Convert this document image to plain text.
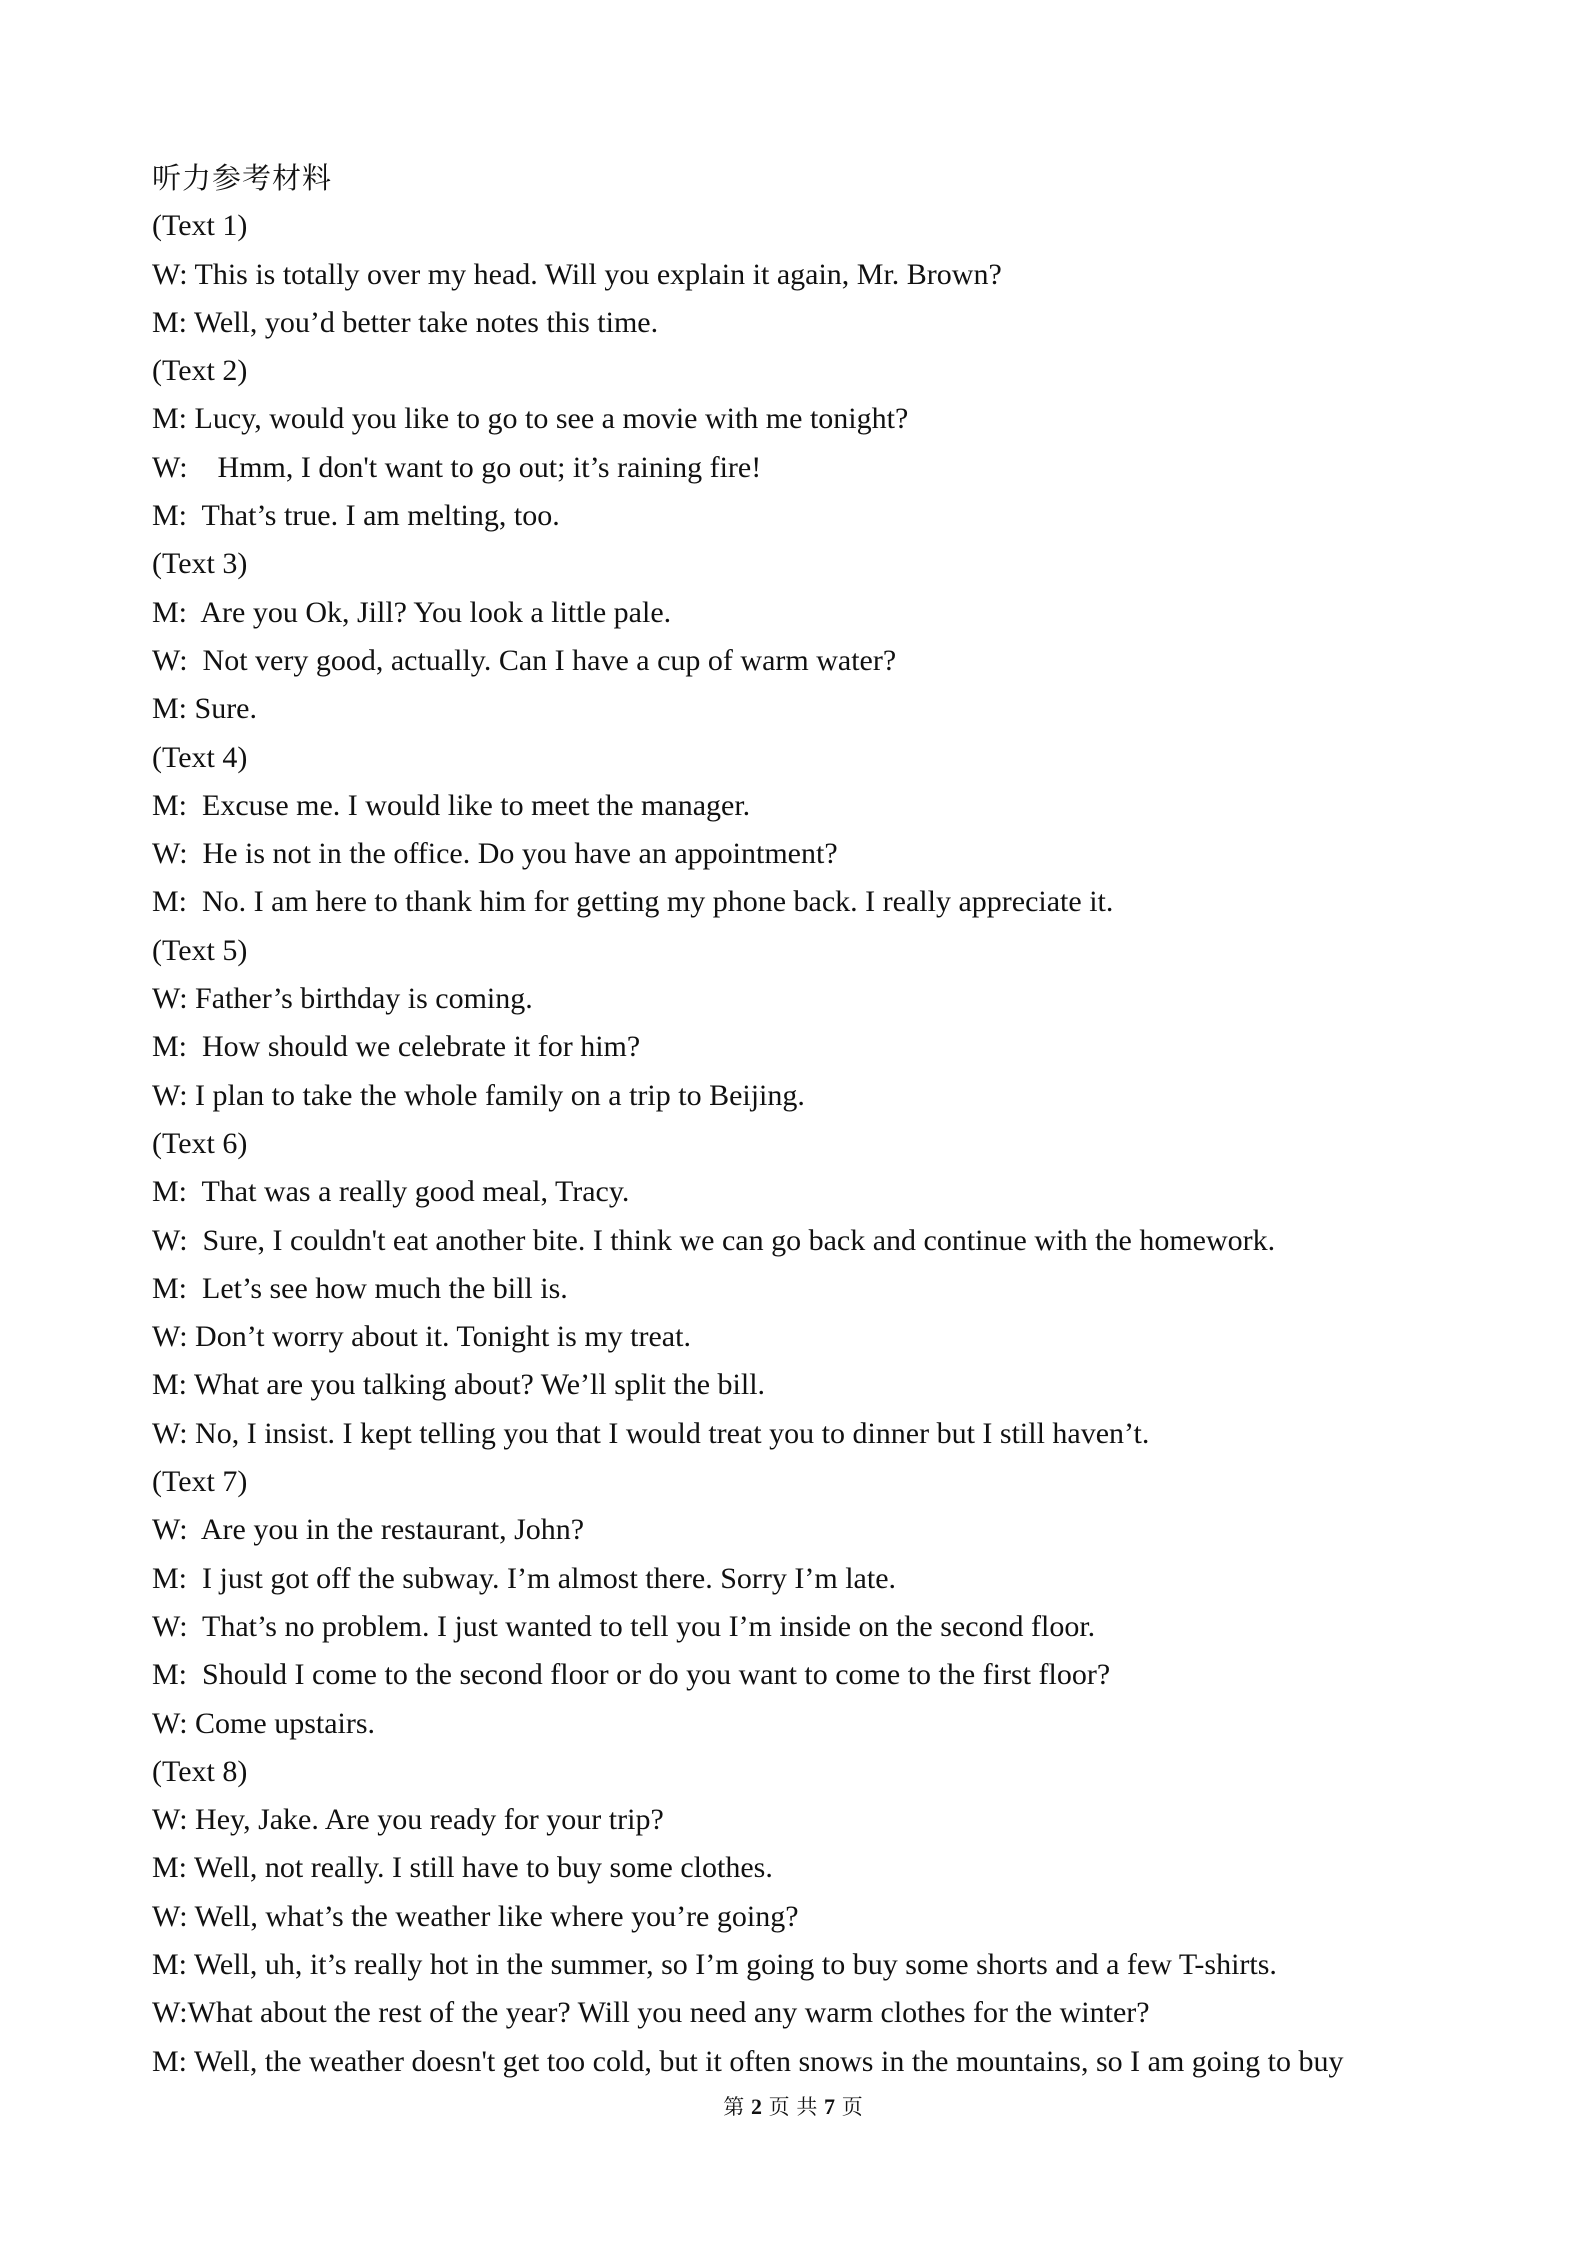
听力参考材料

(Text 1)

W: This is totally over my head. Will you explain it again, Mr. Brown?

M: Well, you’d better take notes this time.

(Text 2)

M: Lucy, would you like to go to see a movie with me tonight?

W:    Hmm, I don't want to go out; it’s raining fire!

M:  That’s true. I am melting, too.

(Text 3)

M:  Are you Ok, Jill? You look a little pale.

W:  Not very good, actually. Can I have a cup of warm water?

M: Sure.

(Text 4)

M:  Excuse me. I would like to meet the manager.

W:  He is not in the office. Do you have an appointment?

M:  No. I am here to thank him for getting my phone back. I really appreciate it.

(Text 5)

W: Father’s birthday is coming.

M:  How should we celebrate it for him?

W: I plan to take the whole family on a trip to Beijing.

(Text 6)

M:  That was a really good meal, Tracy.

W:  Sure, I couldn't eat another bite. I think we can go back and continue with the homework.

M:  Let’s see how much the bill is.

W: Don’t worry about it. Tonight is my treat.

M: What are you talking about? We’ll split the bill.

W: No, I insist. I kept telling you that I would treat you to dinner but I still haven’t.

(Text 7)

W:  Are you in the restaurant, John?

M:  I just got off the subway. I’m almost there. Sorry I’m late.

W:  That’s no problem. I just wanted to tell you I’m inside on the second floor.

M:  Should I come to the second floor or do you want to come to the first floor?

W: Come upstairs.

(Text 8)

W: Hey, Jake. Are you ready for your trip?

M: Well, not really. I still have to buy some clothes.

W: Well, what’s the weather like where you’re going?

M: Well, uh, it’s really hot in the summer, so I’m going to buy some shorts and a few T-shirts.

W:What about the rest of the year? Will you need any warm clothes for the winter?

M: Well, the weather doesn't get too cold, but it often snows in the mountains, so I am going to buy

第 2 页 共 7 页
